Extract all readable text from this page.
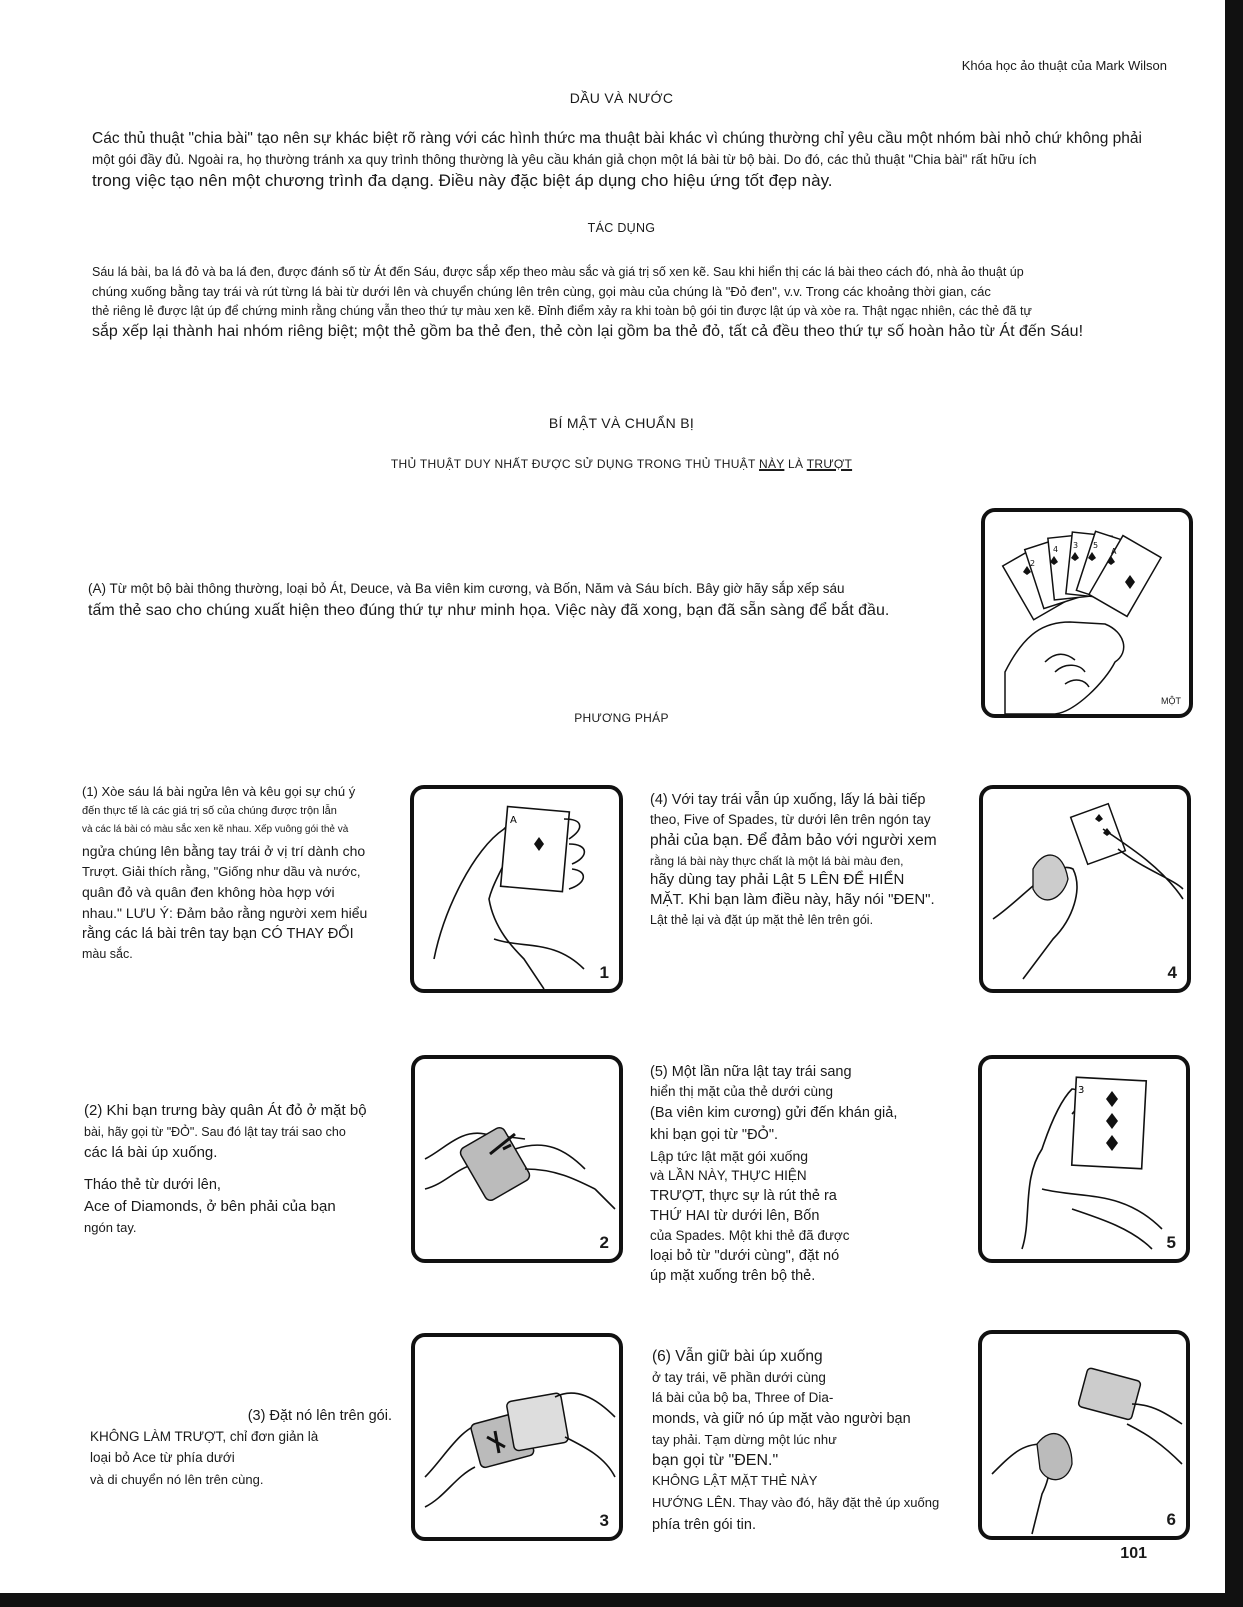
Khóa học ảo thuật của Mark Wilson
DẦU VÀ NƯỚC
Các thủ thuật "chia bài" tạo nên sự khác biệt rõ ràng với các hình thức ma thuật bài khác vì chúng thường chỉ yêu cầu một nhóm bài nhỏ chứ không phải
một gói đầy đủ. Ngoài ra, họ thường tránh xa quy trình thông thường là yêu cầu khán giả chọn một lá bài từ bộ bài. Do đó, các thủ thuật "Chia bài" rất hữu ích
trong việc tạo nên một chương trình đa dạng. Điều này đặc biệt áp dụng cho hiệu ứng tốt đẹp này.
TÁC DỤNG
Sáu lá bài, ba lá đỏ và ba lá đen, được đánh số từ Át đến Sáu, được sắp xếp theo màu sắc và giá trị số xen kẽ. Sau khi hiển thị các lá bài theo cách đó, nhà ảo thuật úp
chúng xuống bằng tay trái và rút từng lá bài từ dưới lên và chuyển chúng lên trên cùng, gọi màu của chúng là "Đỏ đen", v.v. Trong các khoảng thời gian, các
thẻ riêng lẻ được lật úp để chứng minh rằng chúng vẫn theo thứ tự màu xen kẽ. Đỉnh điểm xảy ra khi toàn bộ gói tin được lật úp và xòe ra. Thật ngạc nhiên, các thẻ đã tự
sắp xếp lại thành hai nhóm riêng biệt; một thẻ gồm ba thẻ đen, thẻ còn lại gồm ba thẻ đỏ, tất cả đều theo thứ tự số hoàn hảo từ Át đến Sáu!
BÍ MẬT VÀ CHUẨN BỊ
THỦ THUẬT DUY NHẤT ĐƯỢC SỬ DỤNG TRONG THỦ THUẬT NÀY LÀ TRƯỢT
(A) Từ một bộ bài thông thường, loại bỏ Át, Deuce, và Ba viên kim cương, và Bốn, Năm và Sáu bích. Bây giờ hãy sắp xếp sáu
tấm thẻ sao cho chúng xuất hiện theo đúng thứ tự như minh họa. Việc này đã xong, bạn đã sẵn sàng để bắt đầu.
2
4 3 5
A
MỘT
PHƯƠNG PHÁP

(1) Xòe sáu lá bài ngửa lên và kêu gọi sự chú ý

đến thực tế là các giá trị số của chúng được trộn lẫn

và các lá bài có màu sắc xen kẽ nhau. Xếp vuông gói thẻ và

ngửa chúng lên bằng tay trái ở vị trí dành cho

Trượt. Giải thích rằng, "Giống như dầu và nước,

quân đỏ và quân đen không hòa hợp với

nhau." LƯU Ý: Đảm bảo rằng người xem hiểu

rằng các lá bài trên tay bạn CÓ THAY ĐỔI

màu sắc.

A
1

(4) Với tay trái vẫn úp xuống, lấy lá bài tiếp

theo, Five of Spades, từ dưới lên trên ngón tay

phải của bạn. Để đảm bảo với người xem

rằng lá bài này thực chất là một lá bài màu đen,

hãy dùng tay phải Lật 5 LÊN ĐỂ HIỂN

MẶT. Khi bạn làm điều này, hãy nói "ĐEN".

Lật thẻ lại và đặt úp mặt thẻ lên trên gói.

4

(2) Khi bạn trưng bày quân Át đỏ ở mặt bộ

bài, hãy gọi từ "ĐỎ". Sau đó lật tay trái sao cho

các lá bài úp xuống.

Tháo thẻ từ dưới lên,

Ace of Diamonds, ở bên phải của bạn

ngón tay.

2

(5) Một lần nữa lật tay trái sang

hiển thị mặt của thẻ dưới cùng

(Ba viên kim cương) gửi đến khán giả,

khi bạn gọi từ "ĐỎ".

Lập tức lật mặt gói xuống

và LẦN NÀY, THỰC HIỆN

TRƯỢT, thực sự là rút thẻ ra

THỨ HAI từ dưới lên, Bốn

của Spades. Một khi thẻ đã được

loại bỏ từ "dưới cùng", đặt nó

úp mặt xuống trên bộ thẻ.

3
5

(3) Đặt nó lên trên gói.

KHÔNG LÀM TRƯỢT, chỉ đơn giản là

loại bỏ Ace từ phía dưới

và di chuyển nó lên trên cùng.

3

(6) Vẫn giữ bài úp xuống

ở tay trái, vẽ phần dưới cùng

lá bài của bộ ba, Three of Dia-

monds, và giữ nó úp mặt vào người bạn

tay phải. Tạm dừng một lúc như

bạn gọi từ "ĐEN."

KHÔNG LẬT MẶT THẺ NÀY

HƯỚNG LÊN. Thay vào đó, hãy đặt thẻ úp xuống

phía trên gói tin.	6
101
